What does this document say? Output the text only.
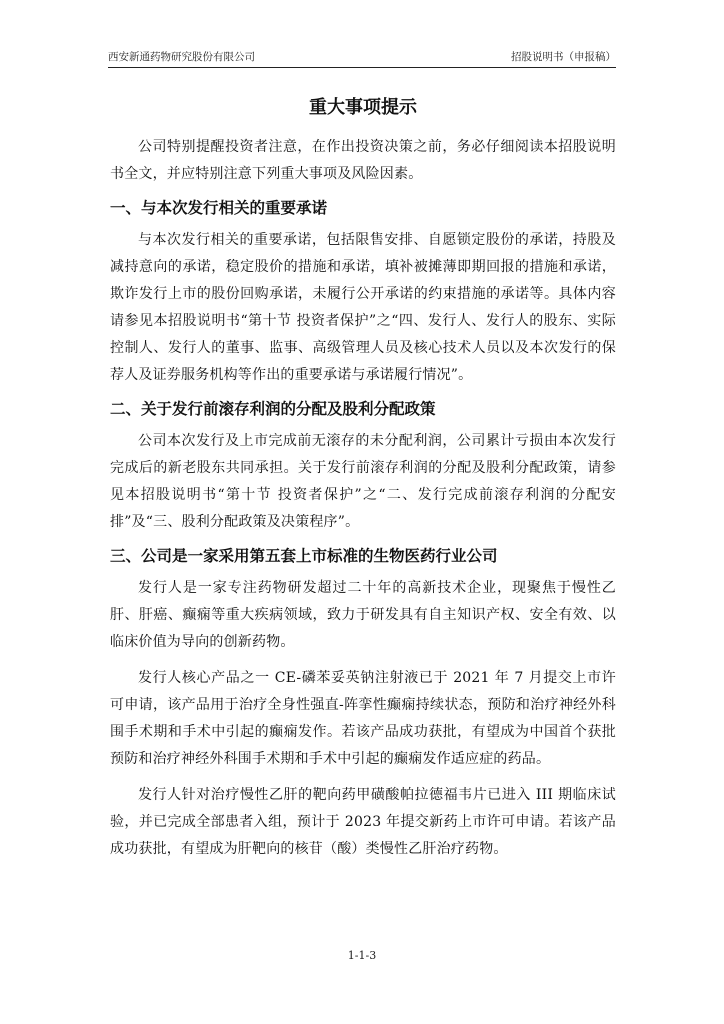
西安新通药物研究股份有限公司	招股说明书（申报稿）
重大事项提示

公司特别提醒投资者注意，在作出投资决策之前，务必仔细阅读本招股说明书全文，并应特别注意下列重大事项及风险因素。

一、与本次发行相关的重要承诺

与本次发行相关的重要承诺，包括限售安排、自愿锁定股份的承诺，持股及减持意向的承诺，稳定股价的措施和承诺，填补被摊薄即期回报的措施和承诺，欺诈发行上市的股份回购承诺，未履行公开承诺的约束措施的承诺等。具体内容请参见本招股说明书“第十节 投资者保护”之“四、发行人、发行人的股东、实际控制人、发行人的董事、监事、高级管理人员及核心技术人员以及本次发行的保荐人及证券服务机构等作出的重要承诺与承诺履行情况”。

二、关于发行前滚存利润的分配及股利分配政策

公司本次发行及上市完成前无滚存的未分配利润，公司累计亏损由本次发行完成后的新老股东共同承担。关于发行前滚存利润的分配及股利分配政策，请参见本招股说明书“第十节 投资者保护”之“二、发行完成前滚存利润的分配安排”及“三、股利分配政策及决策程序”。

三、公司是一家采用第五套上市标准的生物医药行业公司

发行人是一家专注药物研发超过二十年的高新技术企业，现聚焦于慢性乙肝、肝癌、癫痫等重大疾病领域，致力于研发具有自主知识产权、安全有效、以临床价值为导向的创新药物。

发行人核心产品之一 CE-磷苯妥英钠注射液已于 2021 年 7 月提交上市许可申请，该产品用于治疗全身性强直-阵挛性癫痫持续状态，预防和治疗神经外科围手术期和手术中引起的癫痫发作。若该产品成功获批，有望成为中国首个获批预防和治疗神经外科围手术期和手术中引起的癫痫发作适应症的药品。

发行人针对治疗慢性乙肝的靶向药甲磺酸帕拉德福韦片已进入 III 期临床试验，并已完成全部患者入组，预计于 2023 年提交新药上市许可申请。若该产品成功获批，有望成为肝靶向的核苷（酸）类慢性乙肝治疗药物。

1-1-3
